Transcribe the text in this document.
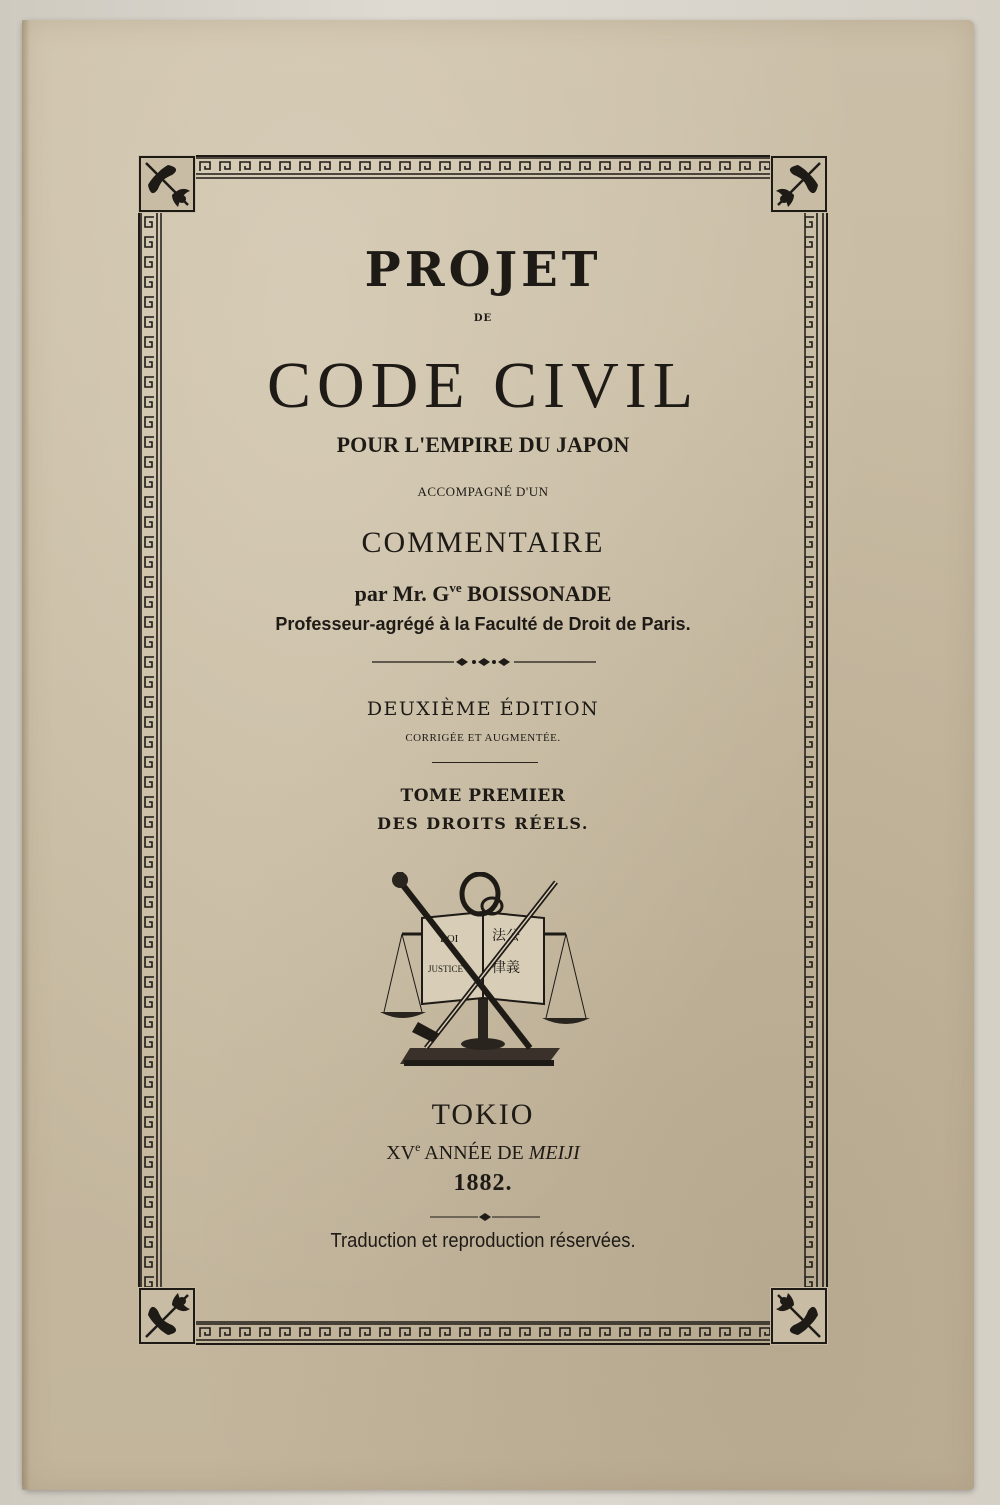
PROJET
DE
CODE CIVIL
POUR L'EMPIRE DU JAPON
ACCOMPAGNÉ D'UN
COMMENTAIRE
par Mr. $G^{ve}$ BOISSONADE
Professeur-agrégé à la Faculté de Droit de Paris.
DEUXIÈME ÉDITION
CORRIGÉE ET AUGMENTÉE.
TOME PREMIER
DES DROITS RÉELS.
LOI
JUSTICE
法公
律義
TOKIO
XVe ANNÉE DE MEIJI
1882.
Traduction et reproduction réservées.
